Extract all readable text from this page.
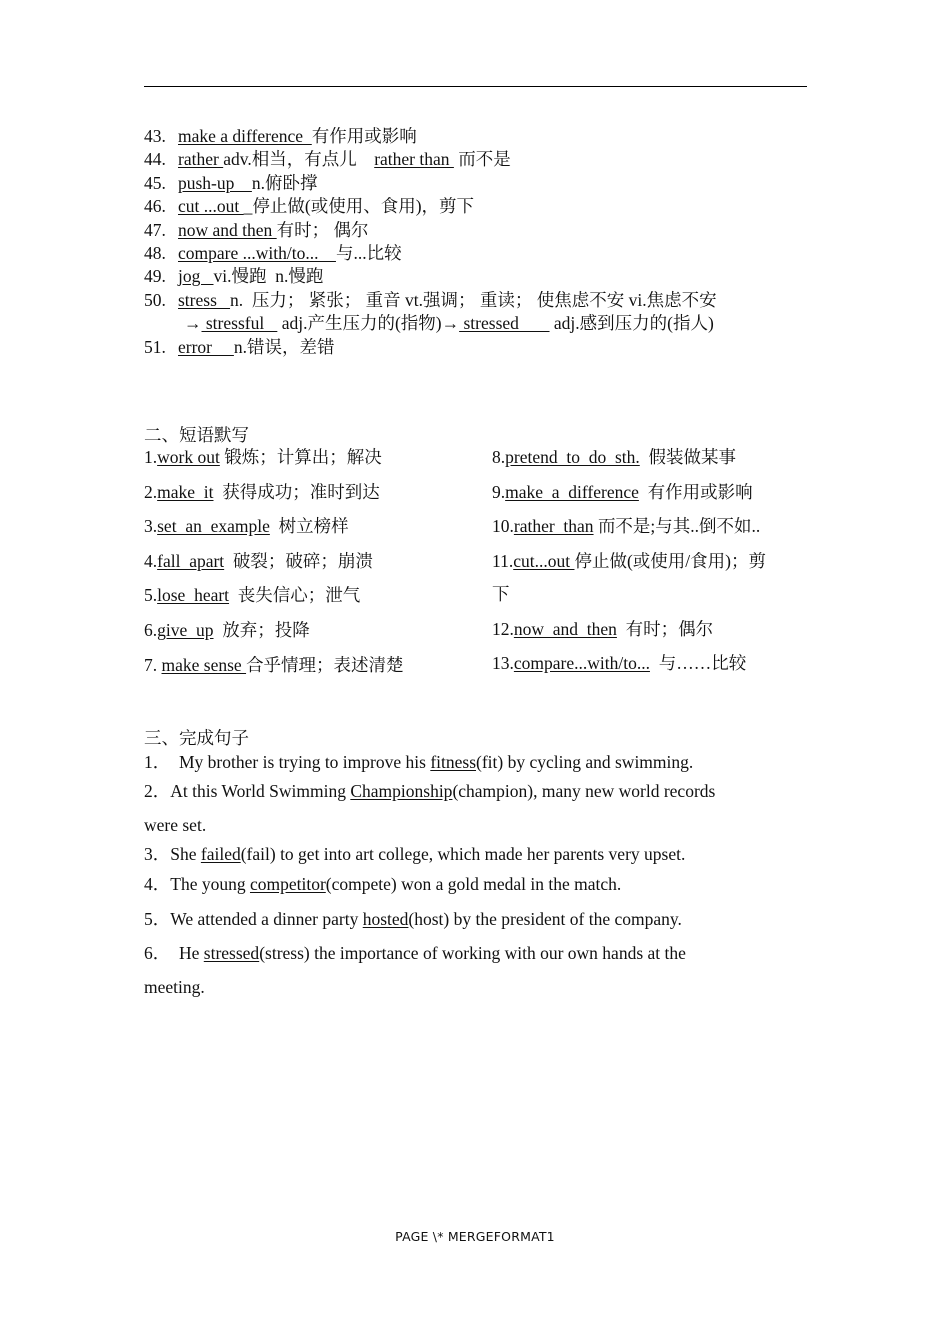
43. make a difference  有作用或影响
44. rather adv.相当，有点儿    rather than  而不是
45. push-up    n.俯卧撑
46. cut ...out _停止做(或使用、食用)，剪下
47. now and then 有时； 偶尔
48. compare ...with/to...    与...比较
49. jog   vi.慢跑  n.慢跑
50. stress   n.  压力； 紧张； 重音 vt.强调； 重读； 使焦虑不安 vi.焦虑不安
→ stressful    adj.产生压力的(指物)→ stressed        adj.感到压力的(指人)
51. error     n.错误，差错
二、短语默写
1.work out 锻炼；计算出；解决
2.make  it  获得成功；准时到达
3.set  an  example  树立榜样
4.fall  apart  破裂；破碎；崩溃
5.lose  heart  丧失信心；泄气
6.give  up  放弃；投降
7. make sense 合乎情理；表述清楚
8.pretend  to  do  sth.  假装做某事
9.make  a  difference  有作用或影响
10.rather  than 而不是;与其..倒不如..
11.cut...out 停止做(或使用/食用)；剪
下
12.now  and  then  有时；偶尔
13.compare...with/to...  与……比较
三、完成句子
1．  My brother is trying to improve his fitness(fit) by cycling and swimming.
2．At this World Swimming Championship(champion), many new world records
were set.
3．She failed(fail) to get into art college, which made her parents very upset.
4．The young competitor(compete) won a gold medal in the match.
5．We attended a dinner party hosted(host) by the president of the company.
6．  He stressed(stress) the importance of working with our own hands at the
meeting.
PAGE \* MERGEFORMAT1
